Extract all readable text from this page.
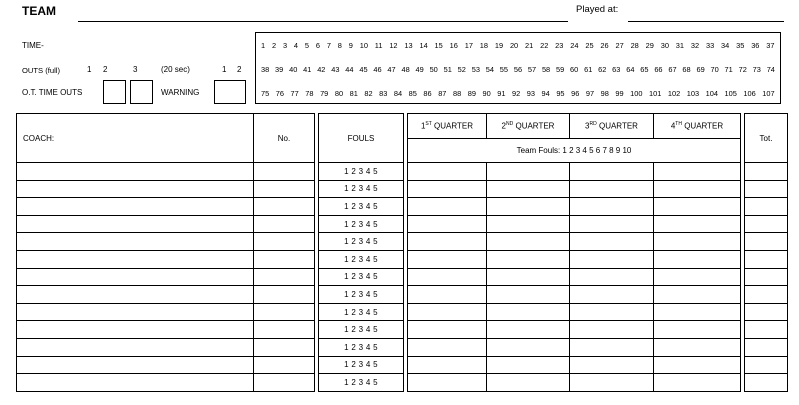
TEAM	Played at:
TIME-
OUTS (full)	1 2	3	(20 sec)	1 2
O.T. TIME OUTS	WARNING
1 2 3 4 5 6 7 8 9 10 11 12 13 14 15 16 17 18 19 20 21 22 23 24 25 26 27 28 29 30 31 32 33 34 35 36 37
38 39 40 41 42 43 44 45 46 47 48 49 50 51 52 53 54 55 56 57 58 59 60 61 62 63 64 65 66 67 68 69 70 71 72 73 74
75 76 77 78 79 80 81 82 83 84 85 86 87 88 89 90 91 92 93 94 95 96 97 98 99 100 101 102 103 104 105 106 107
COACH:	No.		FOULS		1ST QUARTER	2ND QUARTER	3RD QUARTER	4TH QUARTER		Tot.
					Team Fouls: 1 2 3 4 5 6 7 8 9 10					
			1 2 3 4 5							
			1 2 3 4 5							
			1 2 3 4 5							
			1 2 3 4 5							
			1 2 3 4 5							
			1 2 3 4 5							
			1 2 3 4 5							
			1 2 3 4 5							
			1 2 3 4 5							
			1 2 3 4 5							
			1 2 3 4 5							
			1 2 3 4 5							
			1 2 3 4 5							
